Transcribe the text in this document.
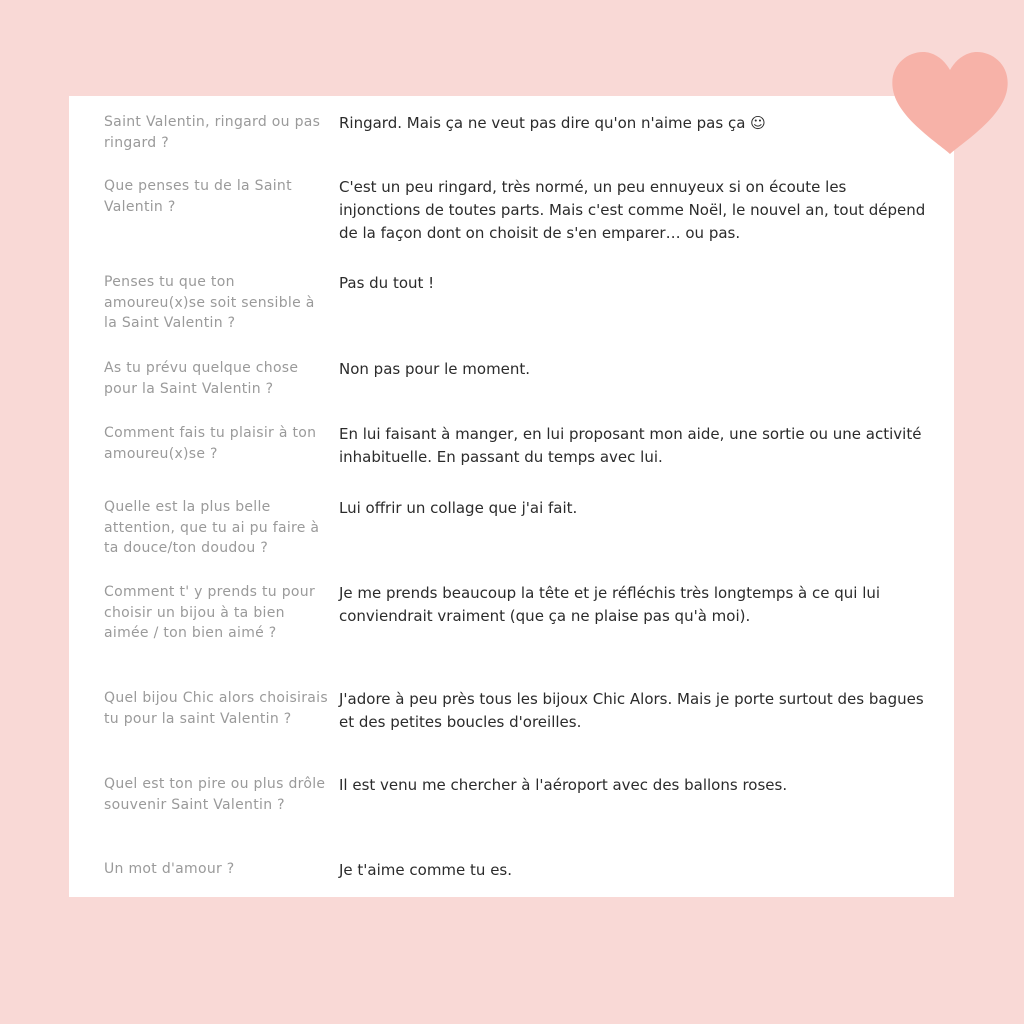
Saint Valentin, ringard ou pas ringard ?
Ringard. Mais ça ne veut pas dire qu'on n'aime pas ça ☺
Que penses tu de la Saint Valentin ?
C'est un peu ringard, très normé, un peu ennuyeux si on écoute les injonctions de toutes parts. Mais c'est comme Noël, le nouvel an, tout dépend de la façon dont on choisit de s'en emparer… ou pas.
Penses tu que ton amoureu(x)se soit sensible à la Saint Valentin ?
Pas du tout !
As tu prévu quelque chose pour la Saint Valentin ?
Non pas pour le moment.
Comment fais tu plaisir à ton amoureu(x)se ?
En lui faisant à manger, en lui proposant mon aide, une sortie ou une activité inhabituelle. En passant du temps avec lui.
Quelle est la plus belle attention, que tu ai pu faire à ta douce/ton doudou ?
Lui offrir un collage que j'ai fait.
Comment t' y prends tu pour choisir un bijou à ta bien aimée / ton bien aimé ?
Je me prends beaucoup la tête et je réfléchis très longtemps à ce qui lui conviendrait vraiment (que ça ne plaise pas qu'à moi).
Quel bijou Chic alors choisirais tu pour la saint Valentin ?
J'adore à peu près tous les bijoux Chic Alors. Mais je porte surtout des bagues et des petites boucles d'oreilles.
Quel est ton pire ou plus drôle souvenir Saint Valentin ?
Il est venu me chercher à l'aéroport avec des ballons roses.
Un mot d'amour ?	Je t'aime comme tu es.
